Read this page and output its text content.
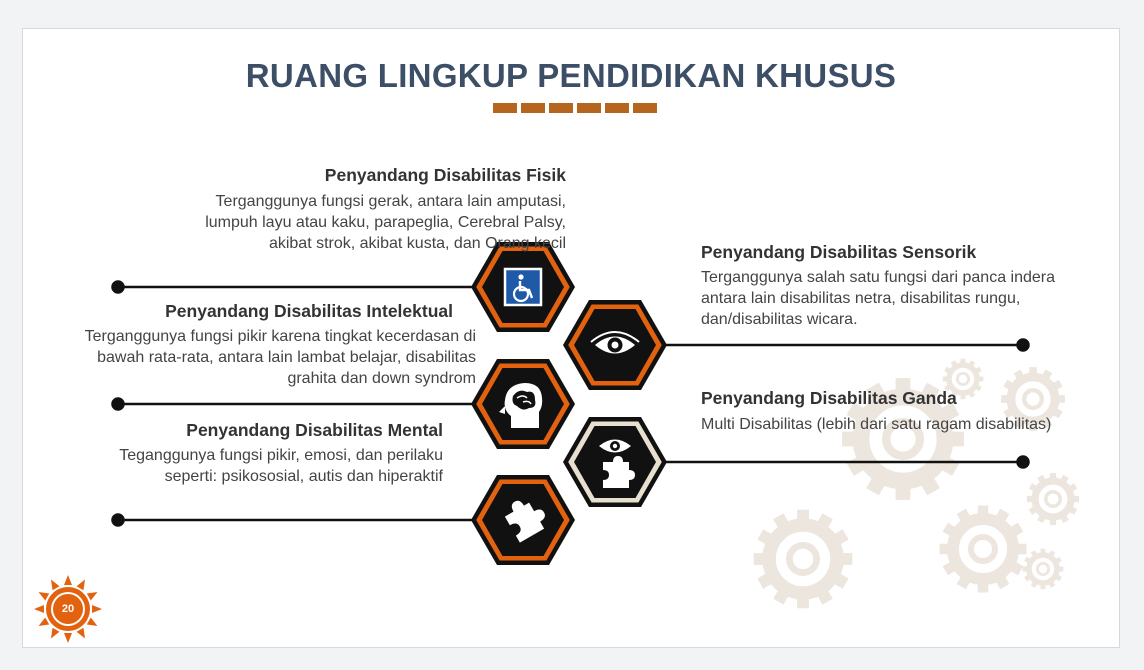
RUANG LINGKUP PENDIDIKAN KHUSUS
Penyandang Disabilitas Fisik
Terganggunya fungsi gerak, antara lain amputasi,
lumpuh layu atau kaku, parapeglia, Cerebral Palsy,
akibat strok, akibat kusta, dan Orang kecil	Penyandang Disabilitas Sensorik
Terganggunya salah satu fungsi dari panca indera
antara lain disabilitas netra, disabilitas rungu,
dan/disabilitas wicara.
Penyandang Disabilitas Intelektual
Terganggunya fungsi pikir karena tingkat kecerdasan di
bawah rata-rata, antara lain lambat belajar, disabilitas
grahita dan down syndrom
Penyandang Disabilitas Ganda
Multi Disabilitas (lebih dari satu ragam disabilitas)
Penyandang Disabilitas Mental
Teganggunya fungsi pikir, emosi, dan perilaku
seperti: psikososial, autis dan hiperaktif
20
